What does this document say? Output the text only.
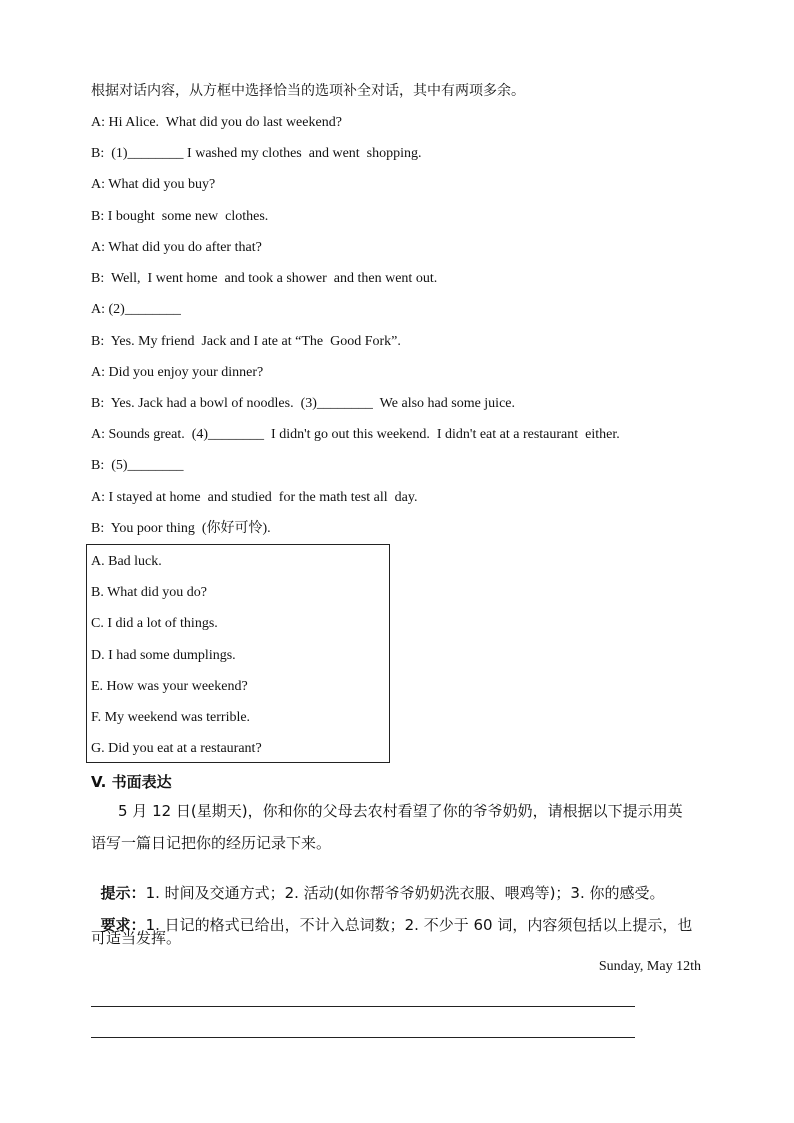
根据对话内容，从方框中选择恰当的选项补全对话，其中有两项多余。
A: Hi Alice.  What did you do last weekend?
B:  (1)________ I washed my clothes  and went  shopping.
A: What did you buy?
B: I bought  some new  clothes.
A: What did you do after that?
B:  Well,  I went home  and took a shower  and then went out.
A: (2)________
B:  Yes. My friend  Jack and I ate at “The  Good Fork”.
A: Did you enjoy your dinner?
B:  Yes. Jack had a bowl of noodles.  (3)________  We also had some juice.
A: Sounds great.  (4)________  I didn't go out this weekend.  I didn't eat at a restaurant  either.
B:  (5)________
A: I stayed at home  and studied  for the math test all  day.
B:  You poor thing  (你好可怜).
A. Bad luck.
B. What did you do?
C. I did a lot of things.
D. I had some dumplings.
E. How was your weekend?
F. My weekend was terrible.
G. Did you eat at a restaurant?
V. 书面表达
5 月 12 日(星期天)，你和你的父母去农村看望了你的爷爷奶奶，请根据以下提示用英
语写一篇日记把你的经历记录下来。

提示：1. 时间及交通方式；2. 活动(如你帮爷爷奶奶洗衣服、喂鸡等)；3. 你的感受。

要求：1. 日记的格式已给出，不计入总词数；2. 不少于 60 词，内容须包括以上提示，也

可适当发挥。
Sunday, May 12th
